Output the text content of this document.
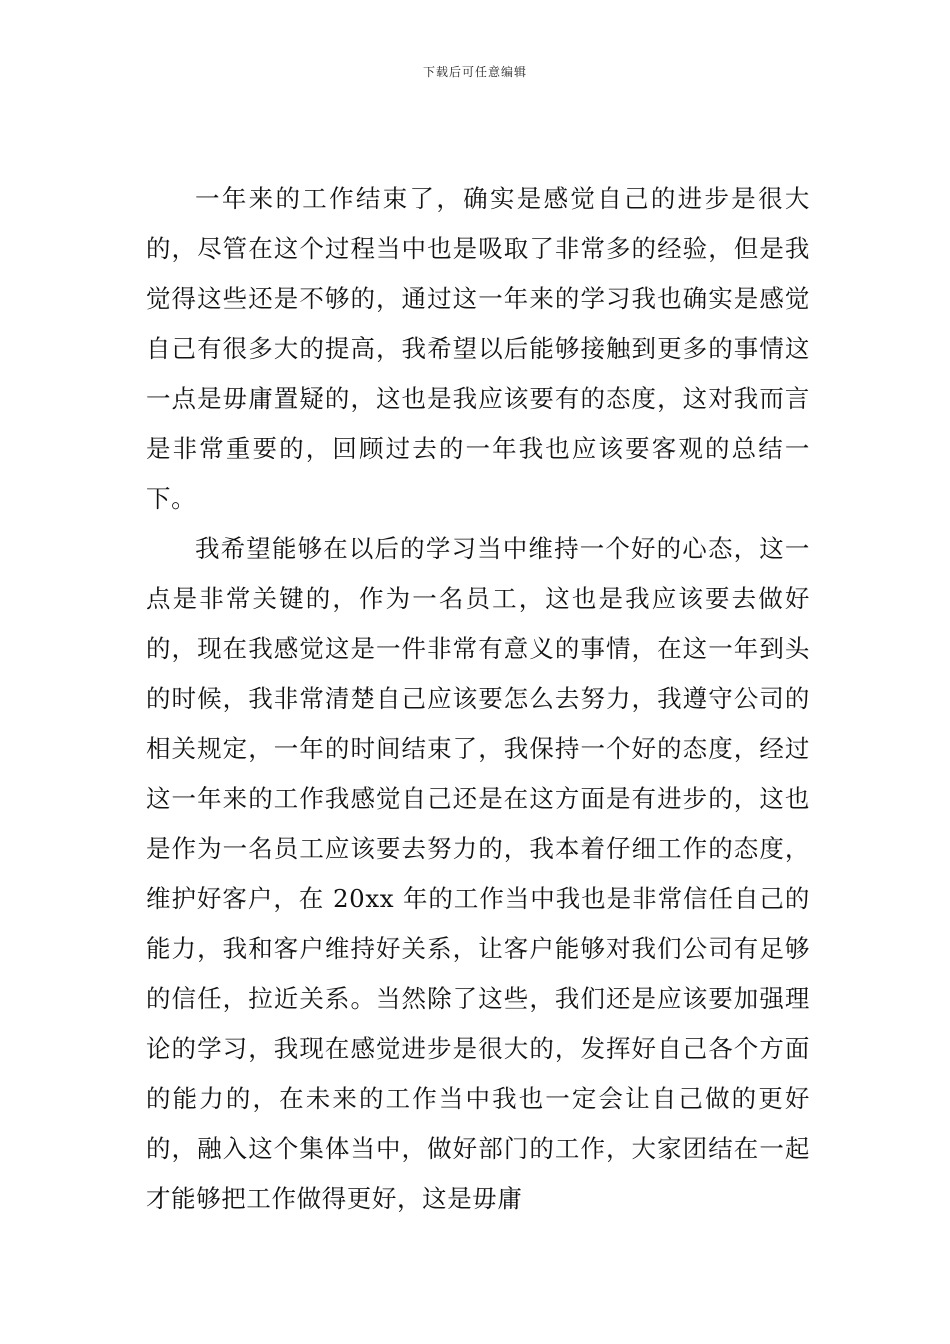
下载后可任意编辑

一年来的工作结束了，确实是感觉自己的进步是很大的，尽管在这个过程当中也是吸取了非常多的经验，但是我觉得这些还是不够的，通过这一年来的学习我也确实是感觉自己有很多大的提高，我希望以后能够接触到更多的事情这一点是毋庸置疑的，这也是我应该要有的态度，这对我而言是非常重要的，回顾过去的一年我也应该要客观的总结一下。

我希望能够在以后的学习当中维持一个好的心态，这一点是非常关键的，作为一名员工，这也是我应该要去做好的，现在我感觉这是一件非常有意义的事情，在这一年到头的时候，我非常清楚自己应该要怎么去努力，我遵守公司的相关规定，一年的时间结束了，我保持一个好的态度，经过这一年来的工作我感觉自己还是在这方面是有进步的，这也是作为一名员工应该要去努力的，我本着仔细工作的态度，维护好客户，在 20xx 年的工作当中我也是非常信任自己的能力，我和客户维持好关系，让客户能够对我们公司有足够的信任，拉近关系。当然除了这些，我们还是应该要加强理论的学习，我现在感觉进步是很大的，发挥好自己各个方面的能力的，在未来的工作当中我也一定会让自己做的更好的，融入这个集体当中，做好部门的工作，大家团结在一起才能够把工作做得更好，这是毋庸
